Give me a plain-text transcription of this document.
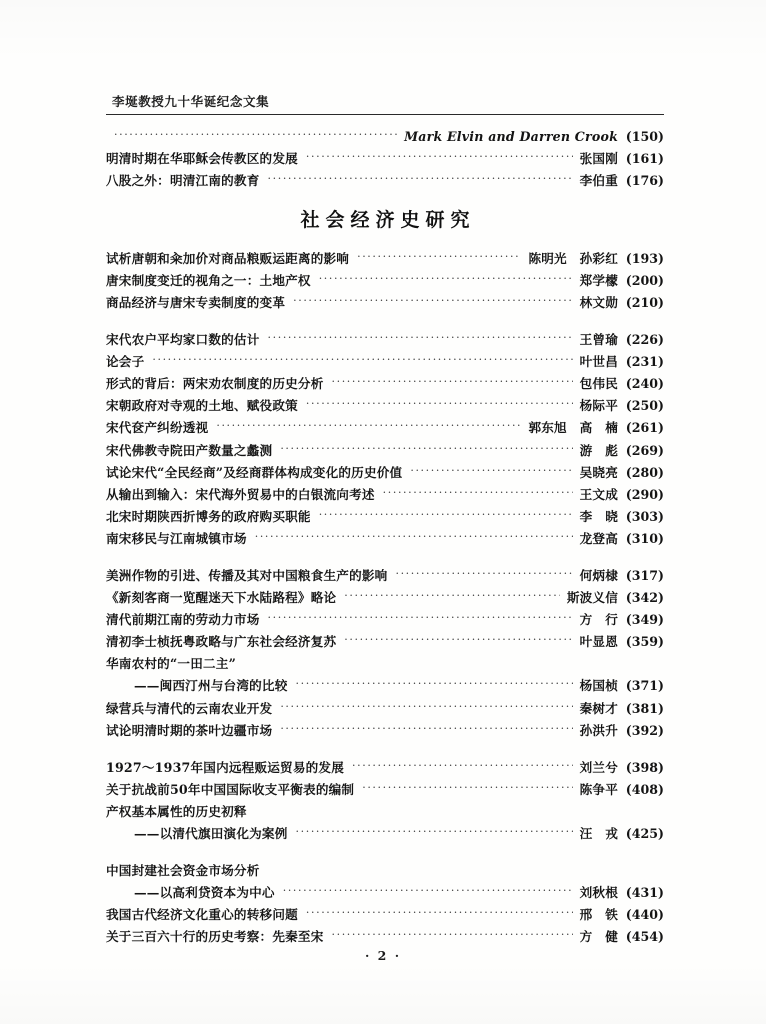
李埏教授九十华诞纪念文集
·····
Mark Elvin and Darren Crook (150)
明清时期在华耶稣会传教区的发展 ·····	张国刚 (161)
八股之外：明清江南的教育 ·····	李伯重 (176)
社会经济史研究
试析唐朝和籴加价对商品粮贩运距离的影响 ·····	陈明光　孙彩红 (193)
唐宋制度变迁的视角之一：土地产权 ·····	郑学檬 (200)
商品经济与唐宋专卖制度的变革 ·····	林文勋 (210)
宋代农户平均家口数的估计 ·····	王曾瑜 (226)
论会子 ·····	叶世昌 (231)
形式的背后：两宋劝农制度的历史分析 ·····	包伟民 (240)
宋朝政府对寺观的土地、赋役政策 ·····	杨际平 (250)
宋代奁产纠纷透视 ·····	郭东旭　高　楠 (261)
宋代佛教寺院田产数量之蠡测 ·····	游　彪 (269)
试论宋代“全民经商”及经商群体构成变化的历史价值 ·····	吴晓亮 (280)
从输出到输入：宋代海外贸易中的白银流向考述 ·····	王文成 (290)
北宋时期陕西折博务的政府购买职能 ·····	李　晓 (303)
南宋移民与江南城镇市场 ·····	龙登高 (310)
美洲作物的引进、传播及其对中国粮食生产的影响 ·····	何炳棣 (317)
《新刻客商一览醒迷天下水陆路程》略论 ·····	斯波义信 (342)
清代前期江南的劳动力市场 ·····	方　行 (349)
清初李士桢抚粤政略与广东社会经济复苏 ·····	叶显恩 (359)
华南农村的“一田二主”
——闽西汀州与台湾的比较 ·····	杨国桢 (371)
绿营兵与清代的云南农业开发 ·····	秦树才 (381)
试论明清时期的茶叶边疆市场 ·····	孙洪升 (392)
1927～1937年国内远程贩运贸易的发展 ·····	刘兰兮 (398)
关于抗战前50年中国国际收支平衡表的编制 ·····	陈争平 (408)
产权基本属性的历史初释
——以清代旗田演化为案例 ·····	汪　戎 (425)
中国封建社会资金市场分析
——以高利贷资本为中心 ·····	刘秋根 (431)
我国古代经济文化重心的转移问题 ·····	邢　铁 (440)
关于三百六十行的历史考察：先秦至宋 ·····	方　健 (454)
· 2 ·
